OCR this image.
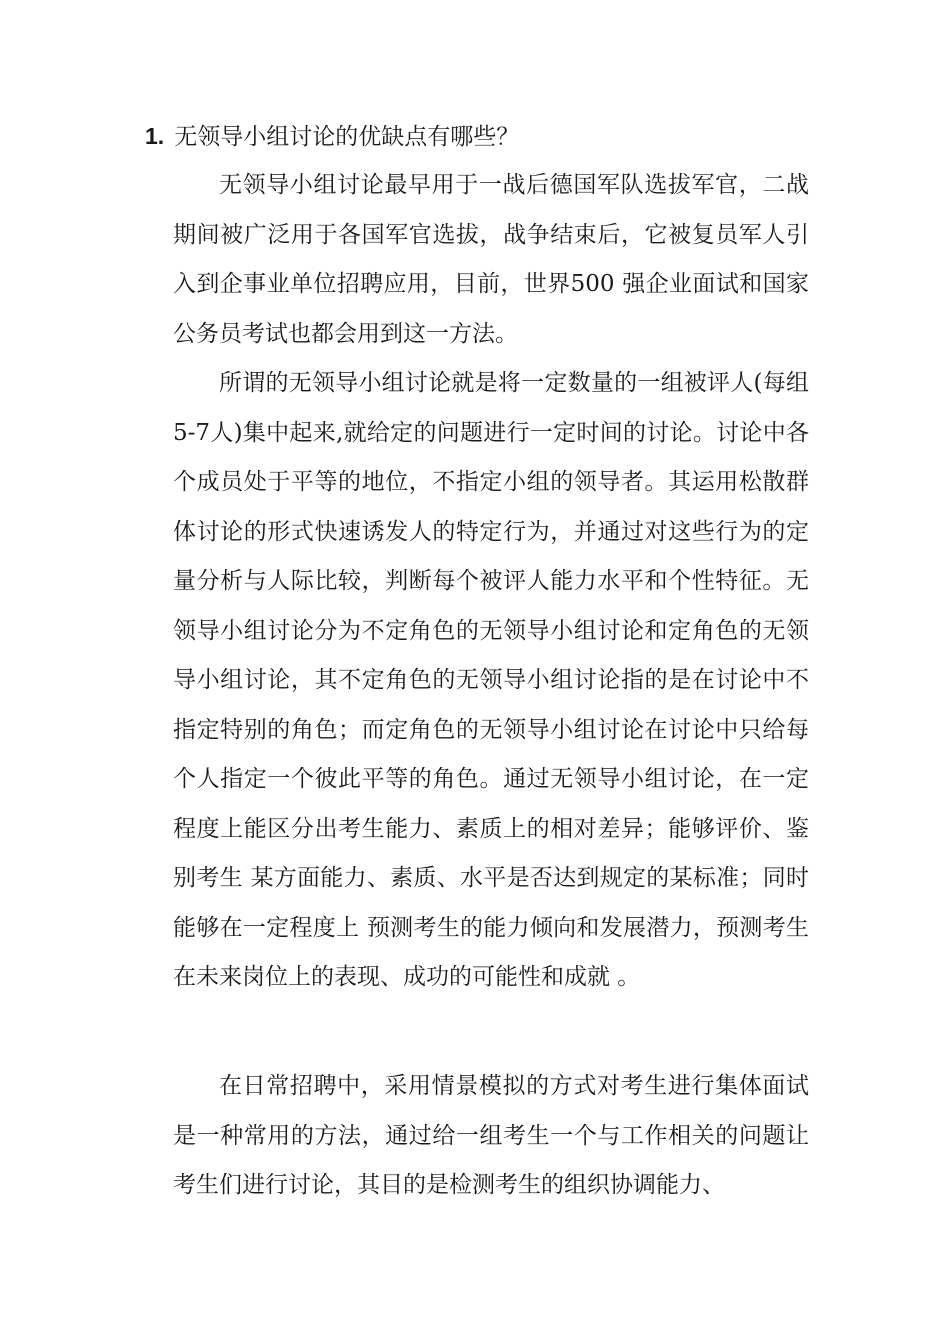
1. 无领导小组讨论的优缺点有哪些？

无领导小组讨论最早用于一战后德国军队选拔军官，二战期间被广泛用于各国军官选拔，战争结束后，它被复员军人引入到企事业单位招聘应用，目前，世界500 强企业面试和国家公务员考试也都会用到这一方法。

所谓的无领导小组讨论就是将一定数量的一组被评人(每组5-7人)集中起来,就给定的问题进行一定时间的讨论。讨论中各个成员处于平等的地位，不指定小组的领导者。其运用松散群体讨论的形式快速诱发人的特定行为，并通过对这些行为的定量分析与人际比较，判断每个被评人能力水平和个性特征。无领导小组讨论分为不定角色的无领导小组讨论和定角色的无领导小组讨论，其不定角色的无领导小组讨论指的是在讨论中不指定特别的角色；而定角色的无领导小组讨论在讨论中只给每个人指定一个彼此平等的角色。通过无领导小组讨论，在一定程度上能区分出考生能力、素质上的相对差异；能够评价、鉴别考生 某方面能力、素质、水平是否达到规定的某标准；同时能够在一定程度上 预测考生的能力倾向和发展潜力，预测考生在未来岗位上的表现、成功的可能性和成就 。

在日常招聘中，采用情景模拟的方式对考生进行集体面试是一种常用的方法，通过给一组考生一个与工作相关的问题让考生们进行讨论，其目的是检测考生的组织协调能力、
